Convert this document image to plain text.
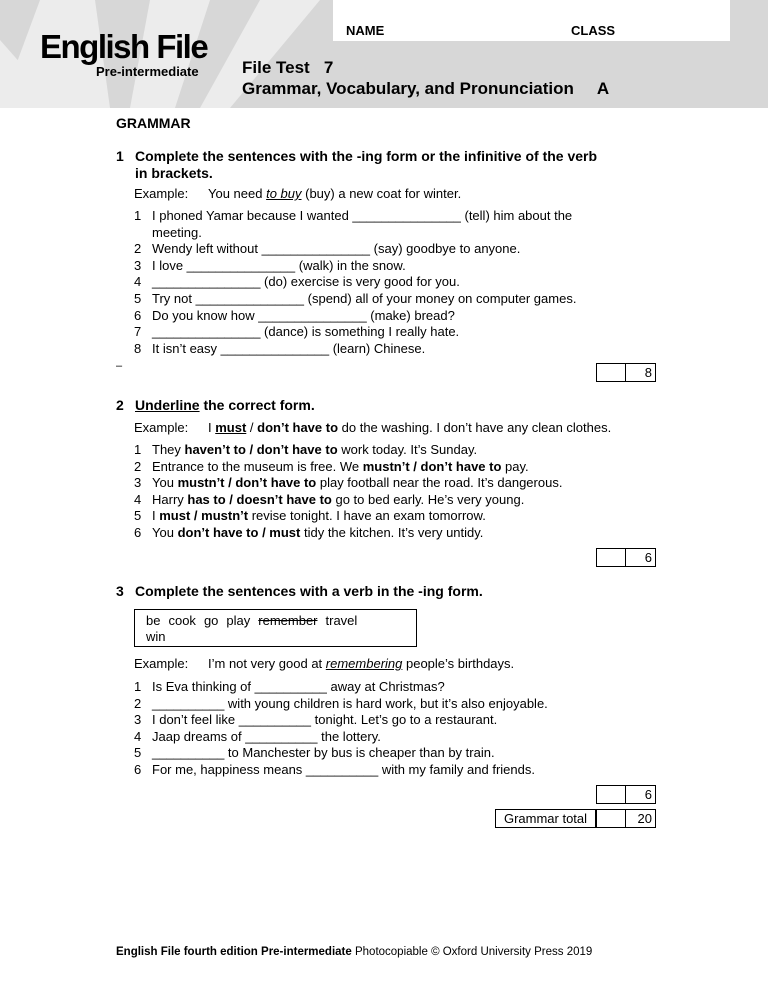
English File
Pre-intermediate
NAME	CLASS
File Test   7
Grammar, Vocabulary, and Pronunciation     A
GRAMMAR
1 Complete the sentences with the -ing form or the infinitive of the verb
in brackets.
Example: You need to buy (buy) a new coat for winter.
1 I phoned Yamar because I wanted _______________ (tell) him about the
meeting.
2 Wendy left without _______________ (say) goodbye to anyone.
3 I love _______________ (walk) in the snow.
4 _______________ (do) exercise is very good for you.
5 Try not _______________ (spend) all of your money on computer games.
6 Do you know how _______________ (make) bread?
7 _______________ (dance) is something I really hate.
8 It isn’t easy _______________ (learn) Chinese.
–	8
2 Underline the correct form.
Example: I must / don’t have to do the washing. I don’t have any clean clothes.
1 They haven’t to / don’t have to work today. It’s Sunday.
2 Entrance to the museum is free. We mustn’t / don’t have to pay.
3 You mustn’t / don’t have to play football near the road. It’s dangerous.
4 Harry has to / doesn’t have to go to bed early. He’s very young.
5 I must / mustn’t revise tonight. I have an exam tomorrow.
6 You don’t have to / must tidy the kitchen. It’s very untidy.
6
3 Complete the sentences with a verb in the -ing form.
be cook go play remember travel
win
Example: I’m not very good at remembering people’s birthdays.
1 Is Eva thinking of __________ away at Christmas?
2 __________ with young children is hard work, but it’s also enjoyable.
3 I don’t feel like __________ tonight. Let’s go to a restaurant.
4 Jaap dreams of __________ the lottery.
5 __________ to Manchester by bus is cheaper than by train.
6 For me, happiness means __________ with my family and friends.
6
Grammar total	20
English File fourth edition Pre-intermediate Photocopiable © Oxford University Press 2019
